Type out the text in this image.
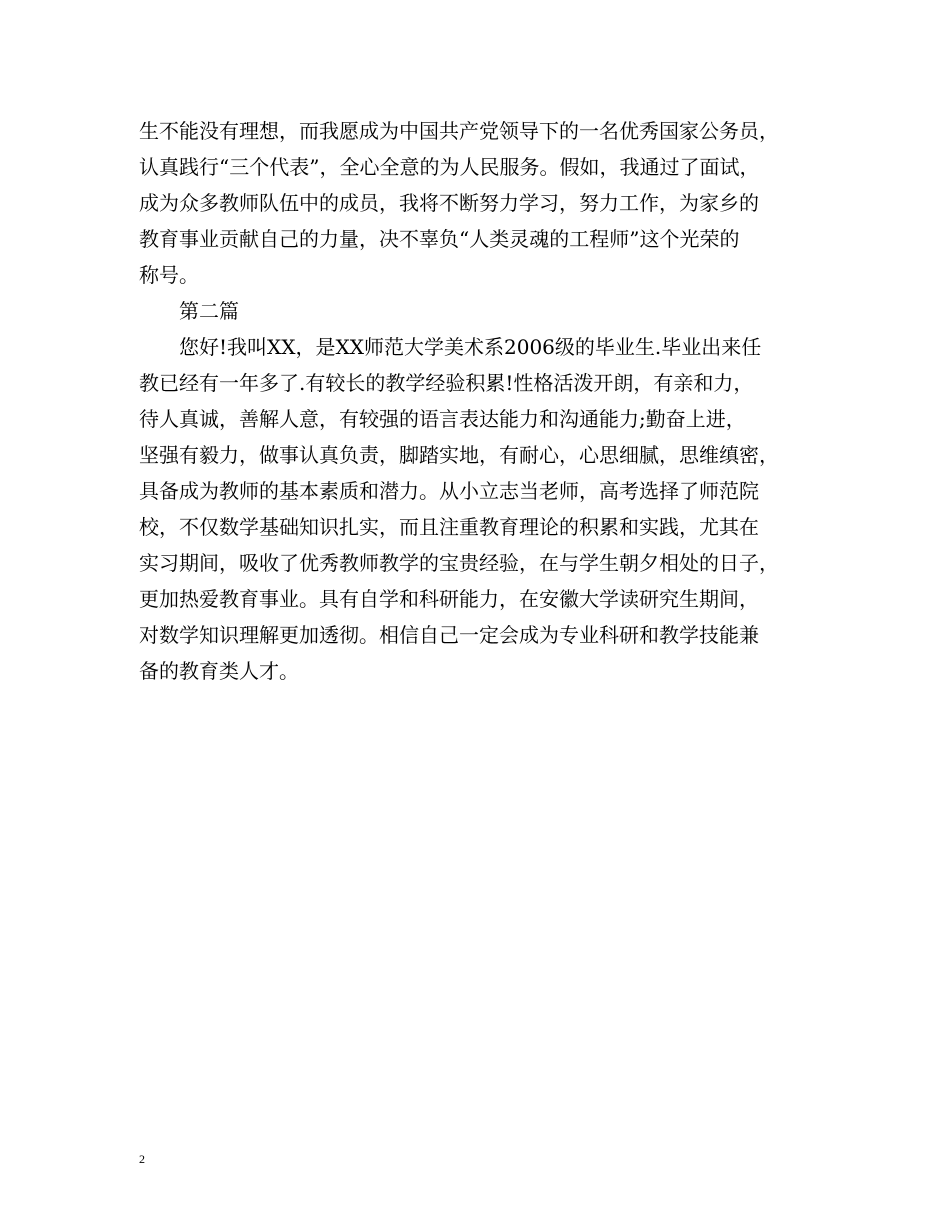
生不能没有理想，而我愿成为中国共产党领导下的一名优秀国家公务员，
认真践行“三个代表”，全心全意的为人民服务。假如，我通过了面试，
成为众多教师队伍中的成员，我将不断努力学习，努力工作，为家乡的
教育事业贡献自己的力量，决不辜负“人类灵魂的工程师”这个光荣的
称号。
第二篇
您好!我叫XX，是XX师范大学美术系2006级的毕业生.毕业出来任
教已经有一年多了.有较长的教学经验积累!性格活泼开朗，有亲和力，
待人真诚，善解人意，有较强的语言表达能力和沟通能力;勤奋上进，
坚强有毅力，做事认真负责，脚踏实地，有耐心，心思细腻，思维缜密，
具备成为教师的基本素质和潜力。从小立志当老师，高考选择了师范院
校，不仅数学基础知识扎实，而且注重教育理论的积累和实践，尤其在
实习期间，吸收了优秀教师教学的宝贵经验，在与学生朝夕相处的日子，
更加热爱教育事业。具有自学和科研能力，在安徽大学读研究生期间，
对数学知识理解更加透彻。相信自己一定会成为专业科研和教学技能兼
备的教育类人才。
2
